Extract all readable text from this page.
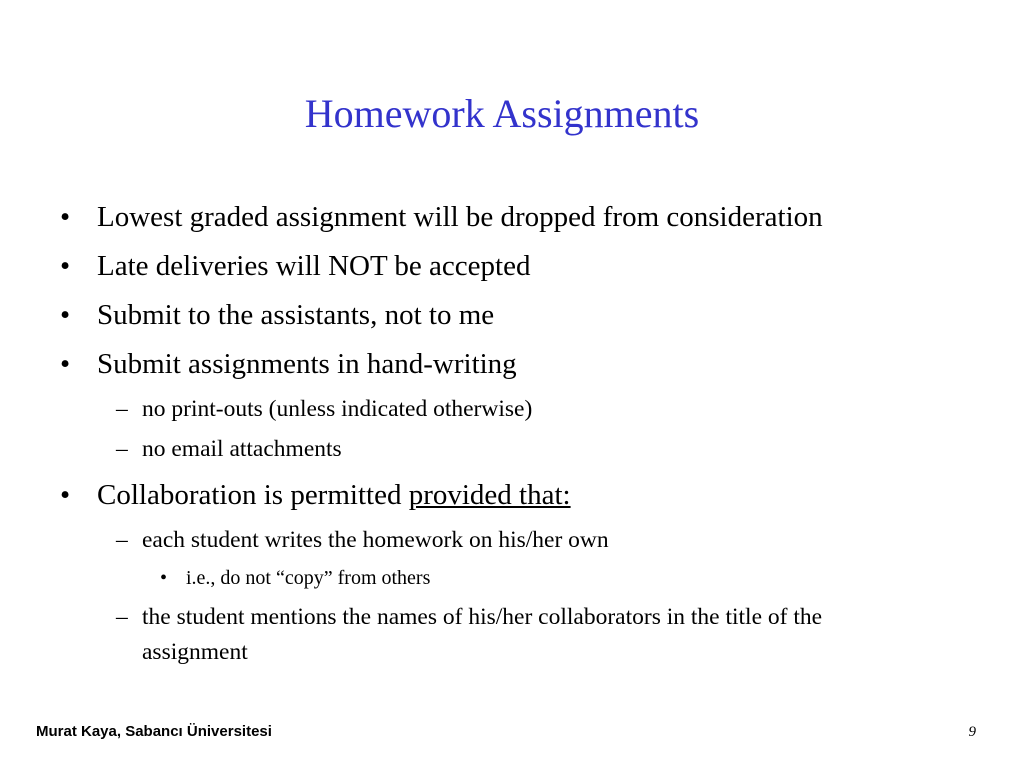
Homework Assignments
• Lowest graded assignment will be dropped from consideration
• Late deliveries will NOT be accepted
• Submit to the assistants, not to me
• Submit assignments in hand-writing
– no print-outs (unless indicated otherwise)
– no email attachments
• Collaboration is permitted provided that:
– each student writes the homework on his/her own
• i.e., do not “copy” from others
– the student mentions the names of his/her collaborators in the title of the
assignment
Murat Kaya, Sabancı Üniversitesi	9
